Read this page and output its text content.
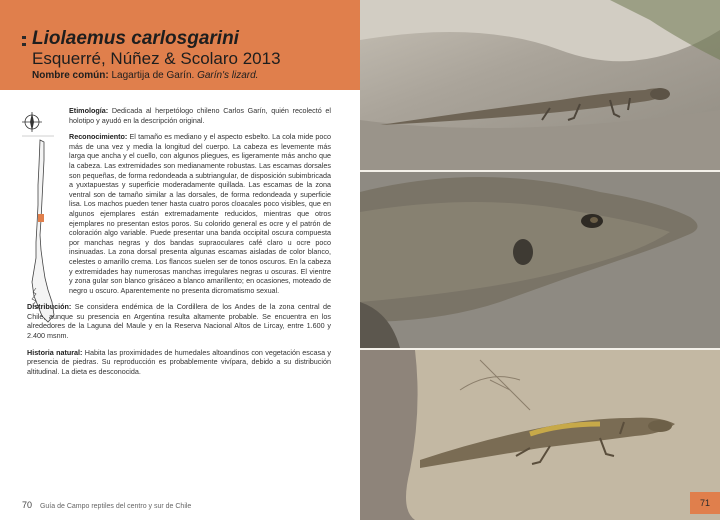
Liolaemus carlosgarini
Esquerré, Núñez & Scolaro 2013
Nombre común: Lagartija de Garín. Garín's lizard.

Etimología: Dedicada al herpetólogo chileno Carlos Garín, quién recolectó el holotipo y ayudó en la descripción original.

Reconocimiento: El tamaño es mediano y el aspecto esbelto. La cola mide poco más de una vez y media la longitud del cuerpo. La cabeza es levemente más larga que ancha y el cuello, con algunos pliegues, es ligeramente más ancho que la cabeza. Las extremidades son medianamente robustas. Las escamas dorsales son pequeñas, de forma redondeada a subtriangular, de disposición subimbricada a yuxtapuestas y superficie moderadamente quillada. Las escamas de la zona ventral son de tamaño similar a las dorsales, de forma redondeada y superficie lisa. Los machos pueden tener hasta cuatro poros cloacales poco visibles, que en algunos ejemplares están extremadamente reducidos, mientras que otros ejemplares no presentan estos poros. Su colorido general es ocre y el patrón de coloración algo variable. Puede presentar una banda occipital oscura compuesta por manchas negras y dos bandas supraoculares café claro u ocre poco insinuadas. La zona dorsal presenta algunas escamas aisladas de color blanco, celestes o amarillo crema. Los flancos suelen ser de tonos oscuros. En la cabeza y extremidades hay numerosas manchas irregulares negras u oscuras. El vientre y zona gular son blanco grisáceo a blanco amarillento; en ocasiones, moteado de negro u oscuro. Aparentemente no presenta dicromatismo sexual.

Distribución: Se considera endémica de la Cordillera de los Andes de la zona central de Chile, aunque su presencia en Argentina resulta altamente probable. Se encuentra en los alrededores de la Laguna del Maule y en la Reserva Nacional Altos de Lircay, entre 1.600 y 2.400 msnm.

Historia natural: Habita las proximidades de humedales altoandinos con vegetación escasa y presencia de piedras. Su reproducción es probablemente vivípara, debido a su distribución altitudinal. La dieta es desconocida.

70 Guía de Campo reptiles del centro y sur de Chile	71
